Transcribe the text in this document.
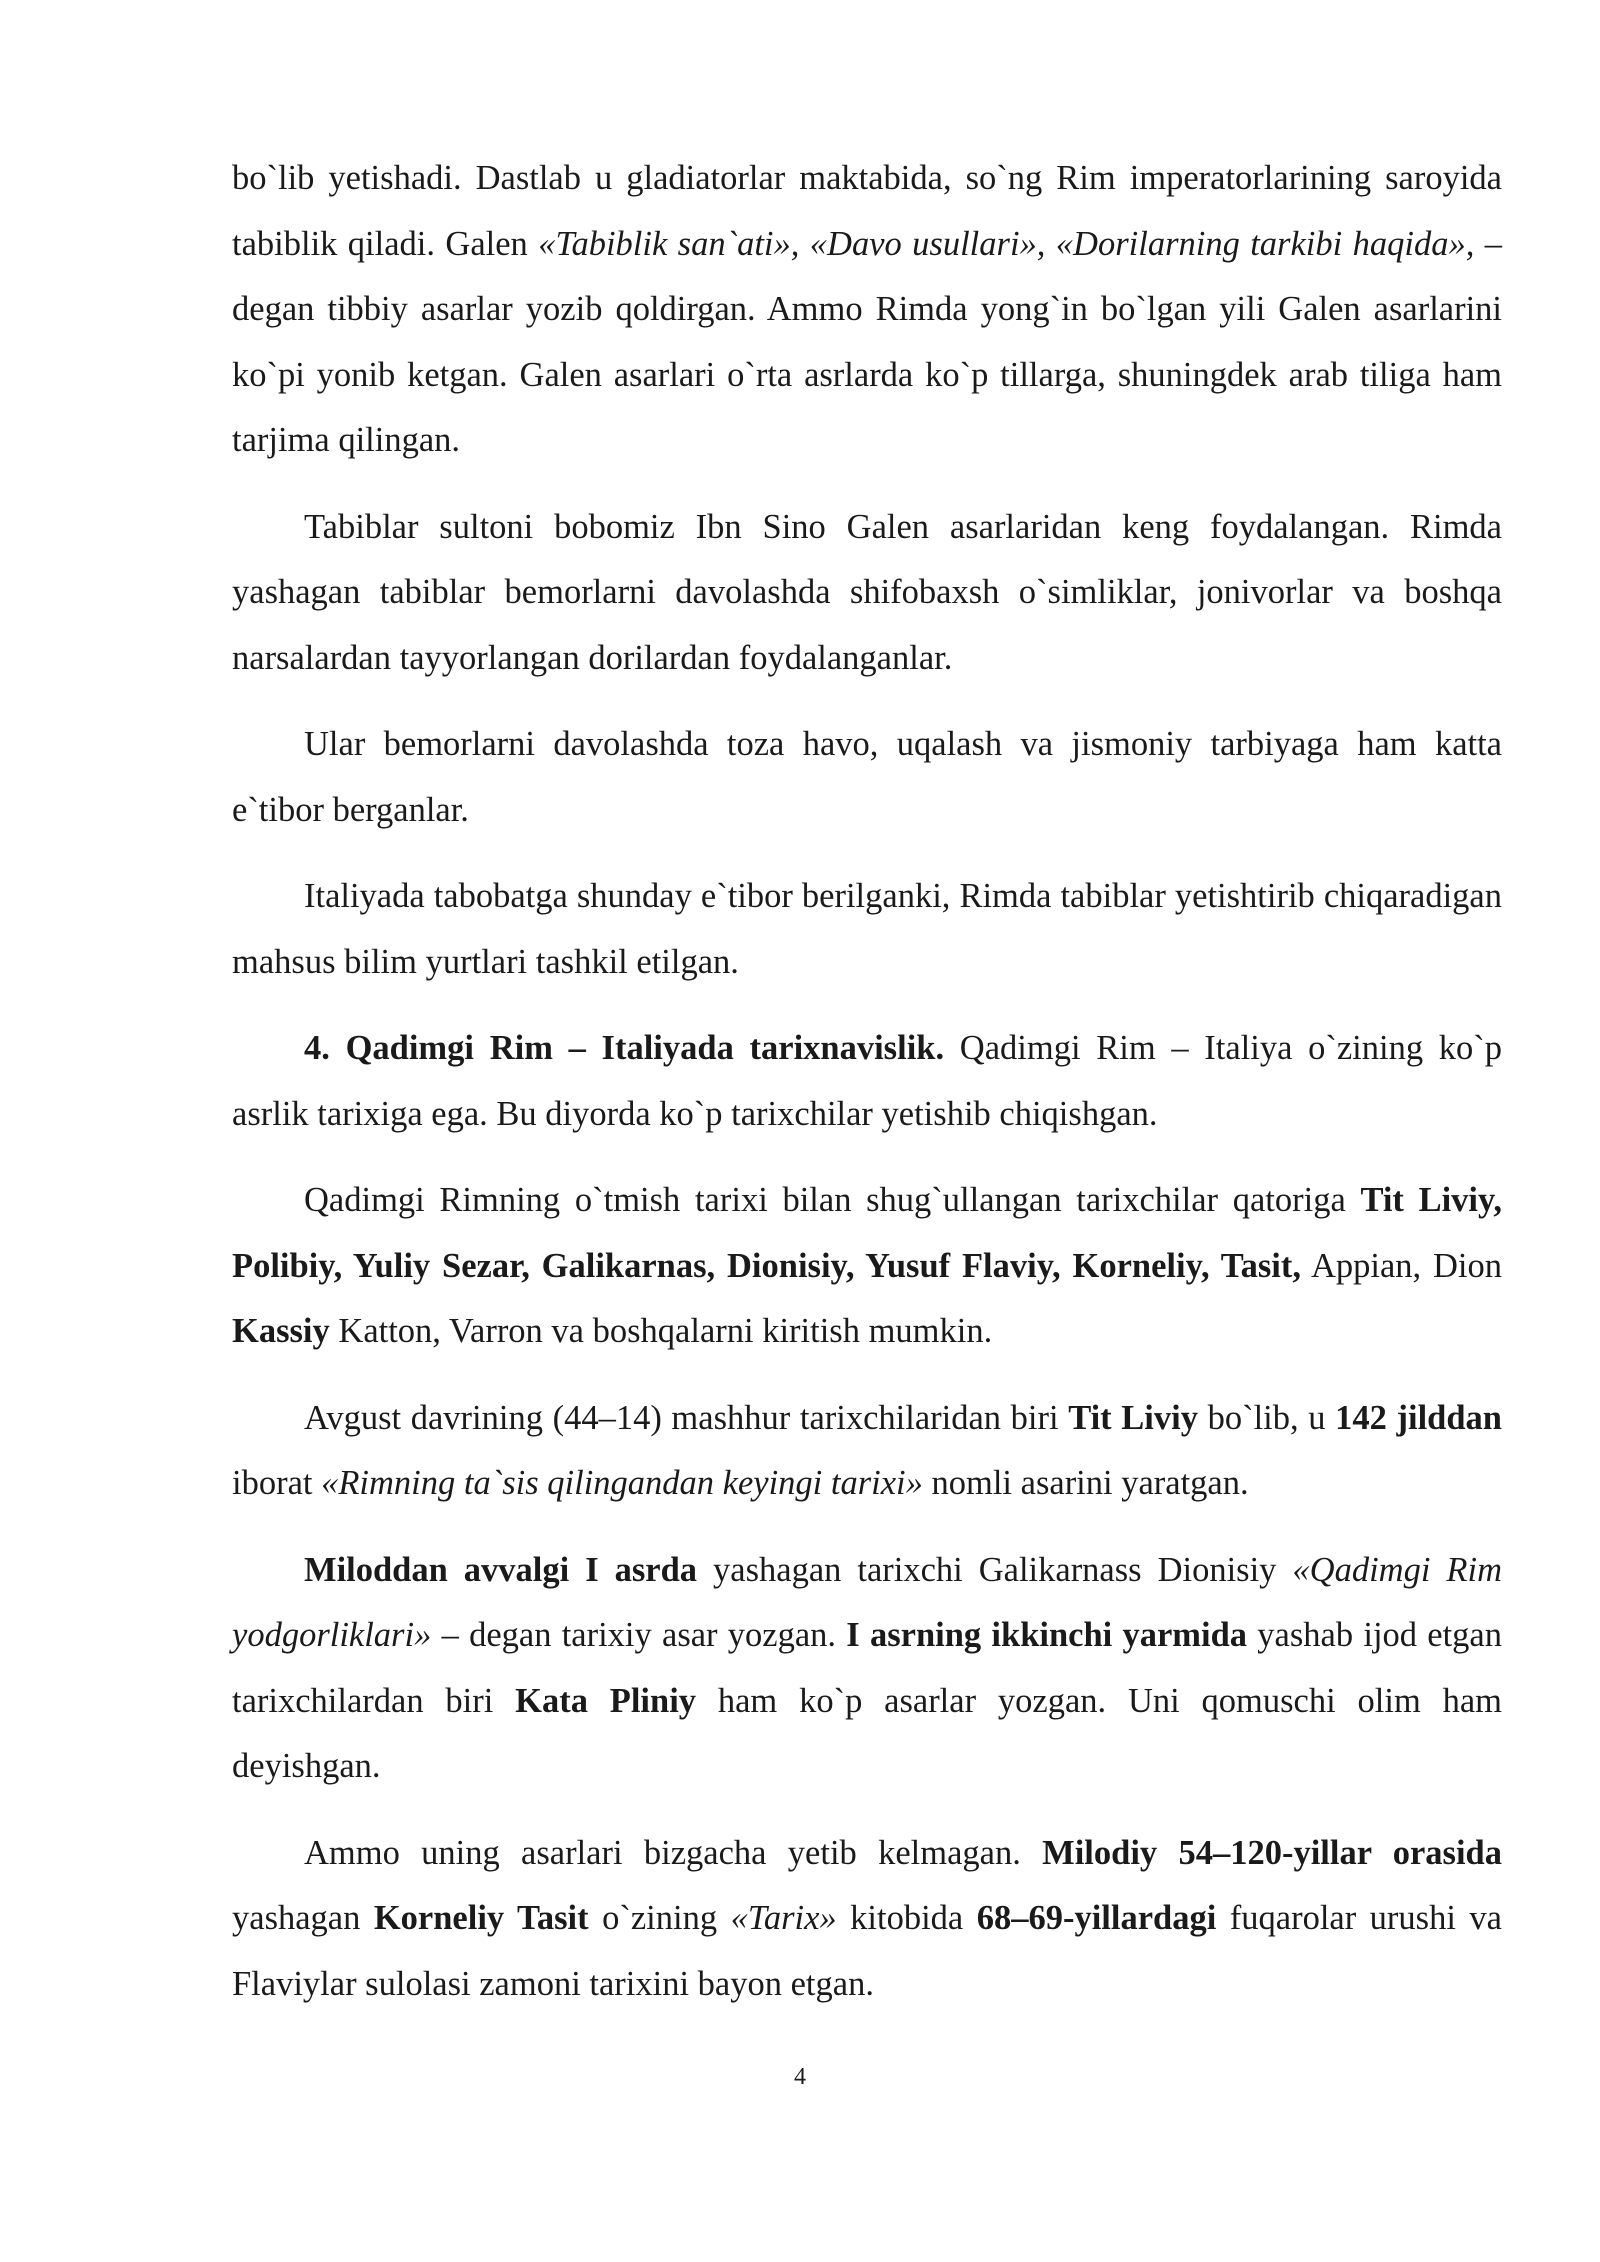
bo`lib yetishadi. Dastlab u gladiatorlar maktabida, so`ng Rim imperatorlarining saroyida tabiblik qiladi. Galen «Tabiblik san`ati», «Davo usullari», «Dorilarning tarkibi haqida», – degan tibbiy asarlar yozib qoldirgan. Ammo Rimda yong`in bo`lgan yili Galen asarlarini ko`pi yonib ketgan. Galen asarlari o`rta asrlarda ko`p tillarga, shuningdek arab tiliga ham tarjima qilingan.

Tabiblar sultoni bobomiz Ibn Sino Galen asarlaridan keng foydalangan. Rimda yashagan tabiblar bemorlarni davolashda shifobaxsh o`simliklar, jonivorlar va boshqa narsalardan tayyorlangan dorilardan foydalanganlar.

Ular bemorlarni davolashda toza havo, uqalash va jismoniy tarbiyaga ham katta e`tibor berganlar.

Italiyada tabobatga shunday e`tibor berilganki, Rimda tabiblar yetishtirib chiqaradigan mahsus bilim yurtlari tashkil etilgan.

4. Qadimgi Rim – Italiyada tarixnavislik. Qadimgi Rim – Italiya o`zining ko`p asrlik tarixiga ega. Bu diyorda ko`p tarixchilar yetishib chiqishgan.

Qadimgi Rimning o`tmish tarixi bilan shug`ullangan tarixchilar qatoriga Tit Liviy, Polibiy, Yuliy Sezar, Galikarnas, Dionisiy, Yusuf Flaviy, Korneliy, Tasit, Appian, Dion Kassiy Katton, Varron va boshqalarni kiritish mumkin.

Avgust davrining (44–14) mashhur tarixchilaridan biri Tit Liviy bo`lib, u 142 jilddan iborat «Rimning ta`sis qilingandan keyingi tarixi» nomli asarini yaratgan.

Miloddan avvalgi I asrda yashagan tarixchi Galikarnass Dionisiy «Qadimgi Rim yodgorliklari» – degan tarixiy asar yozgan. I asrning ikkinchi yarmida yashab ijod etgan tarixchilardan biri Kata Pliniy ham ko`p asarlar yozgan. Uni qomuschi olim ham deyishgan.

Ammo uning asarlari bizgacha yetib kelmagan. Milodiy 54–120-yillar orasida yashagan Korneliy Tasit o`zining «Tarix» kitobida 68–69-yillardagi fuqarolar urushi va Flaviylar sulolasi zamoni tarixini bayon etgan.

4
